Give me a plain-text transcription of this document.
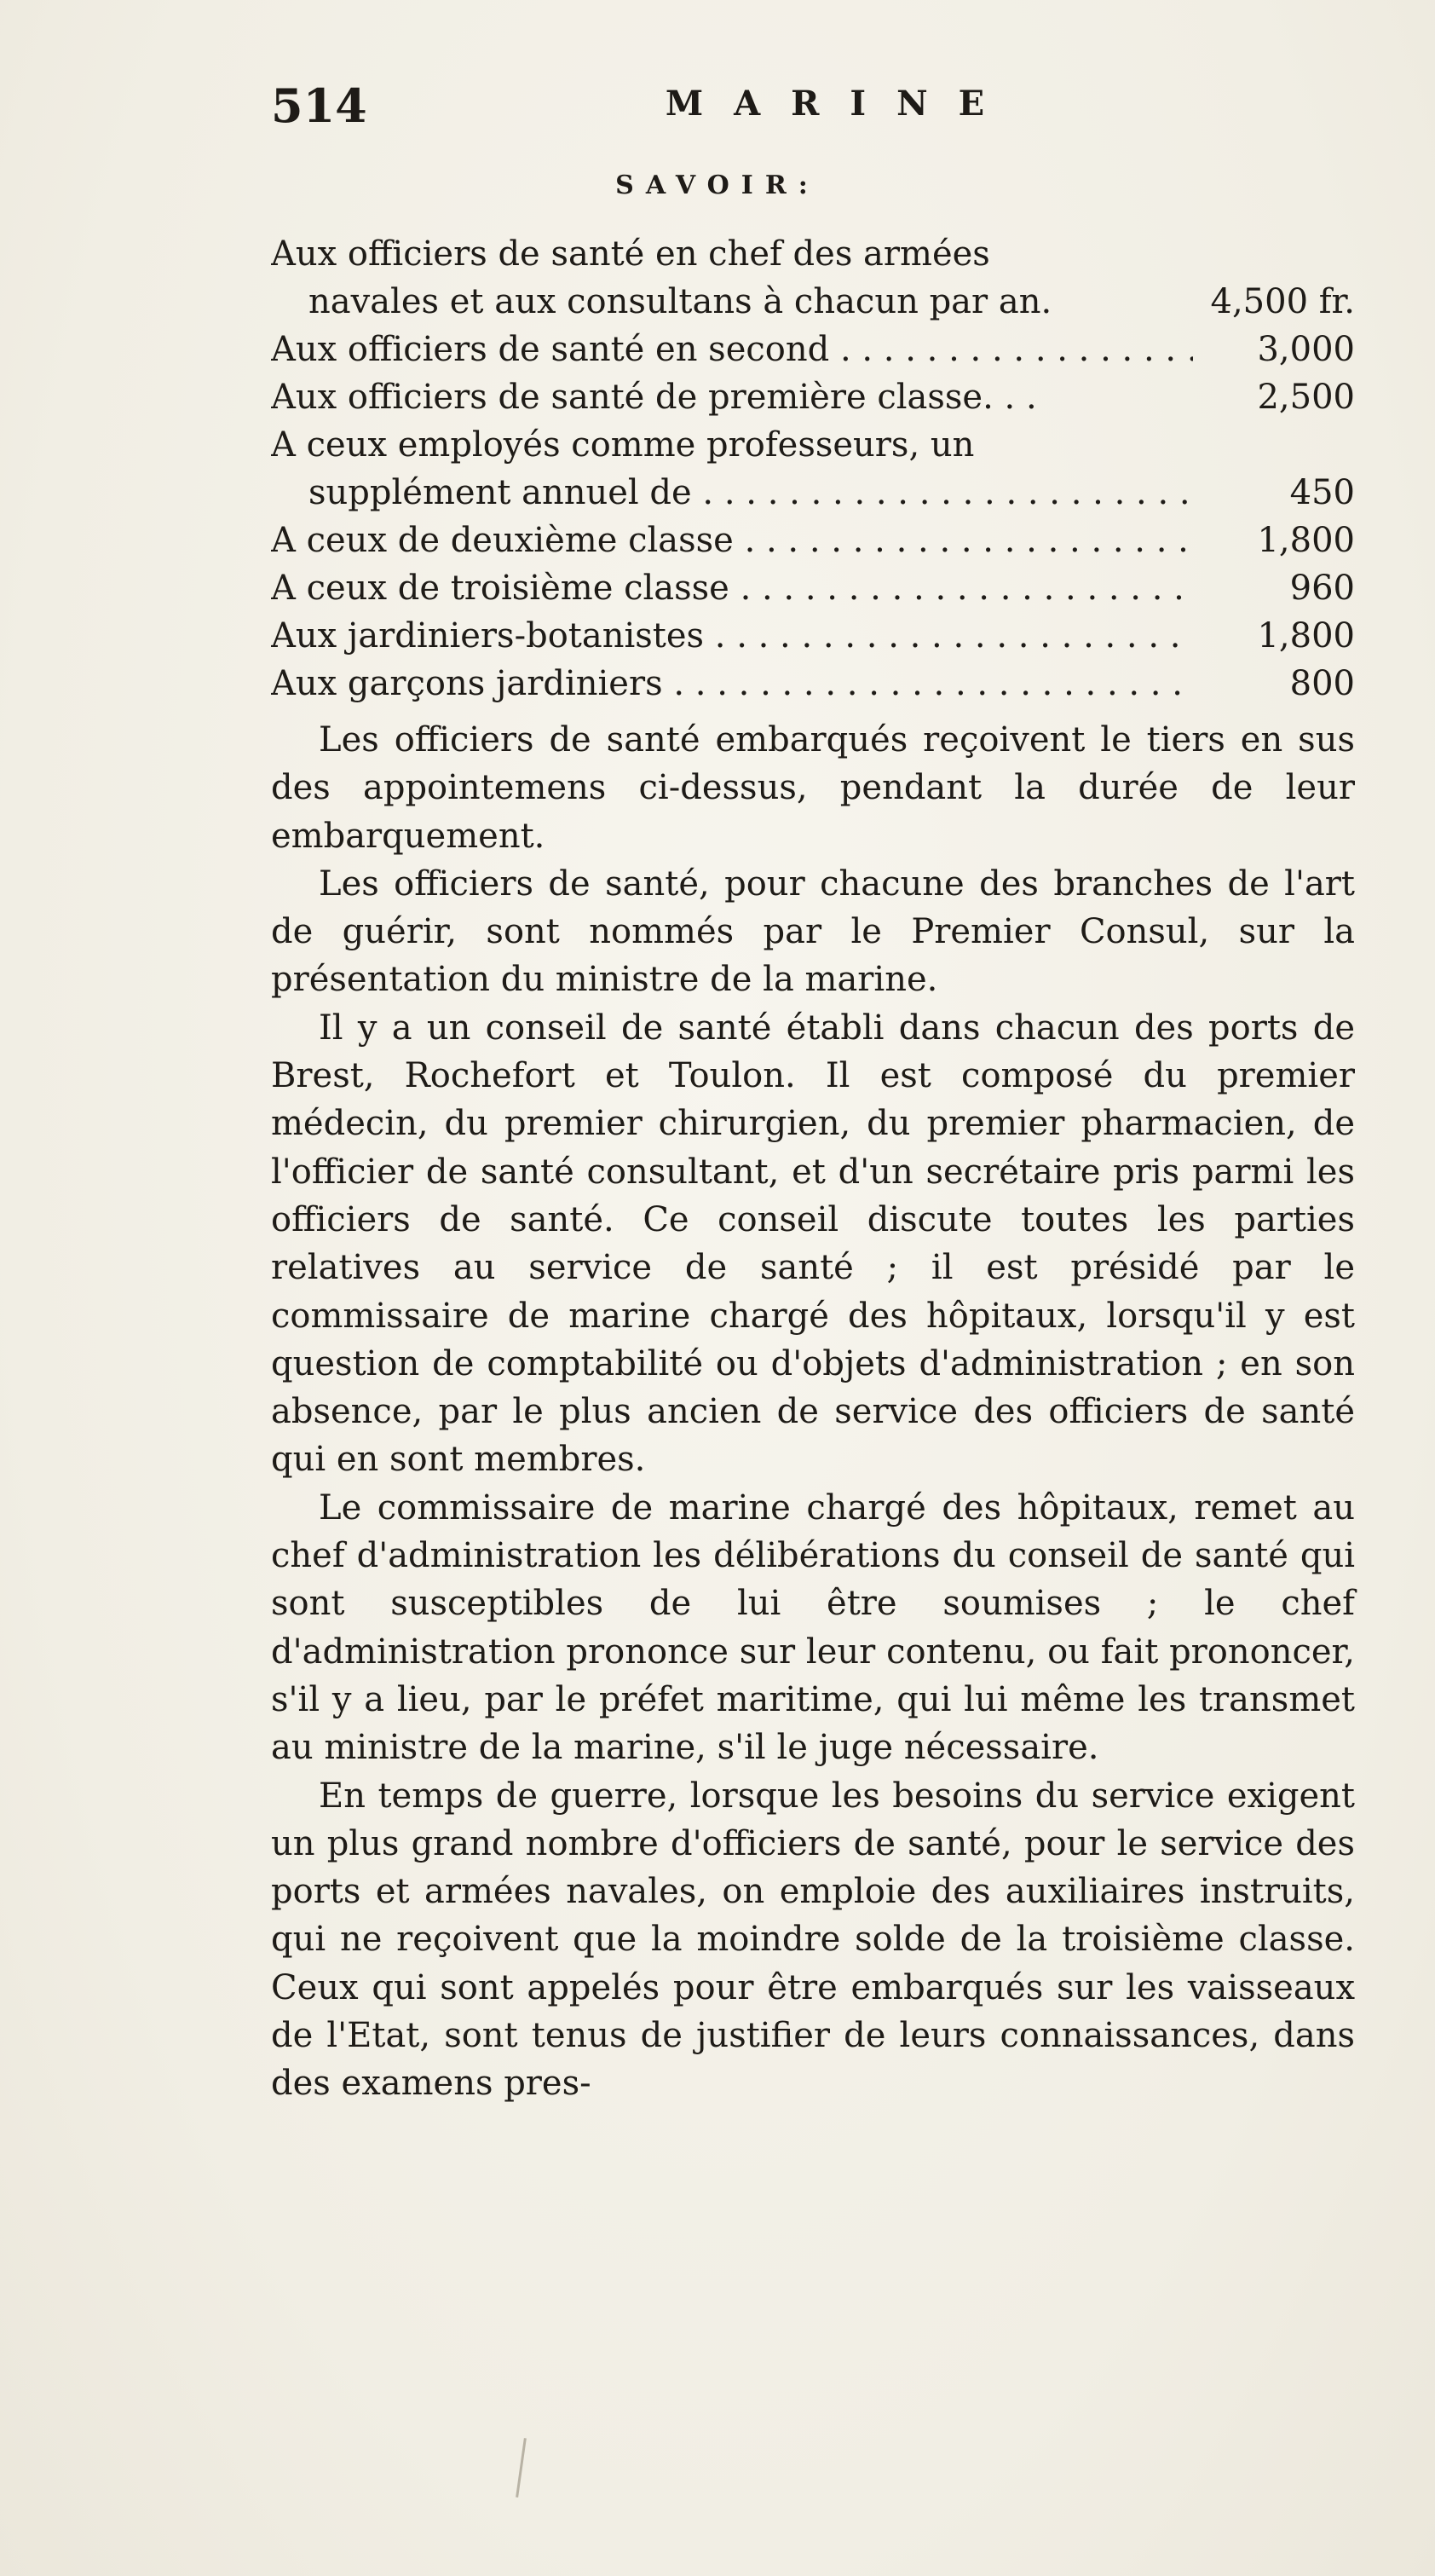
514	MARINE
SAVOIR:
Aux officiers de santé en chef des armées
navales et aux consultans à chacun par an.	4,500 fr.
Aux officiers de santé en second . . .	3,000
Aux officiers de santé de première classe. . .	2,500
A ceux employés comme professeurs, un
supplément annuel de . . .	450
A ceux de deuxième classe . . .	1,800
A ceux de troisième classe . . .	960
Aux jardiniers-botanistes . . .	1,800
Aux garçons jardiniers . . .	800

Les officiers de santé embarqués reçoivent le tiers en sus des appointemens ci-dessus, pendant la durée de leur embarquement.

Les officiers de santé, pour chacune des branches de l'art de guérir, sont nommés par le Premier Consul, sur la présentation du ministre de la marine.

Il y a un conseil de santé établi dans chacun des ports de Brest, Rochefort et Toulon. Il est composé du premier médecin, du premier chirurgien, du premier pharmacien, de l'officier de santé consultant, et d'un secrétaire pris parmi les officiers de santé. Ce conseil discute toutes les parties relatives au service de santé ; il est présidé par le commissaire de marine chargé des hôpitaux, lorsqu'il y est question de comptabilité ou d'objets d'administration ; en son absence, par le plus ancien de service des officiers de santé qui en sont membres.

Le commissaire de marine chargé des hôpitaux, remet au chef d'administration les délibérations du conseil de santé qui sont susceptibles de lui être soumises ; le chef d'administration prononce sur leur contenu, ou fait prononcer, s'il y a lieu, par le préfet maritime, qui lui même les transmet au ministre de la marine, s'il le juge nécessaire.

En temps de guerre, lorsque les besoins du service exigent un plus grand nombre d'officiers de santé, pour le service des ports et armées navales, on emploie des auxiliaires instruits, qui ne reçoivent que la moindre solde de la troisième classe. Ceux qui sont appelés pour être embarqués sur les vaisseaux de l'Etat, sont tenus de justifier de leurs connaissances, dans des examens pres-
